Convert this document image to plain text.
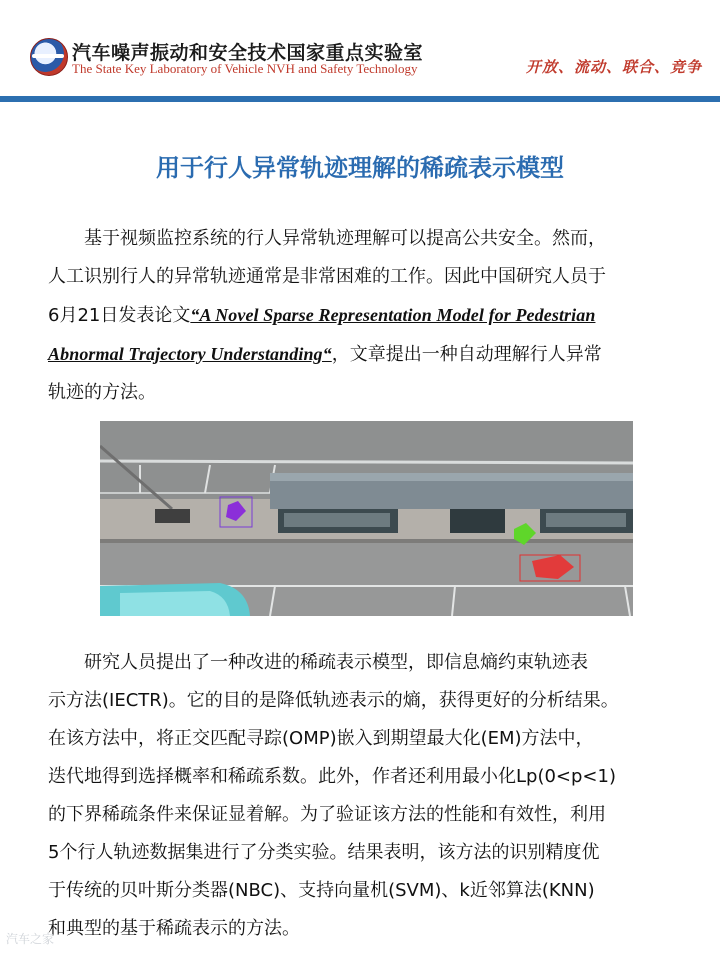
汽车噪声振动和安全技术国家重点实验室
The State Key Laboratory of Vehicle NVH and Safety Technology	开放、流动、联合、竞争
用于行人异常轨迹理解的稀疏表示模型
基于视频监控系统的行人异常轨迹理解可以提高公共安全。然而，
人工识别行人的异常轨迹通常是非常困难的工作。因此中国研究人员于
6月21日发表论文“A Novel Sparse Representation Model for Pedestrian
Abnormal Trajectory Understanding“，文章提出一种自动理解行人异常
轨迹的方法。
研究人员提出了一种改进的稀疏表示模型，即信息熵约束轨迹表
示方法(IECTR)。它的目的是降低轨迹表示的熵，获得更好的分析结果。
在该方法中，将正交匹配寻踪(OMP)嵌入到期望最大化(EM)方法中，
迭代地得到选择概率和稀疏系数。此外，作者还利用最小化Lp(0<p<1)
的下界稀疏条件来保证显着解。为了验证该方法的性能和有效性，利用
5个行人轨迹数据集进行了分类实验。结果表明，该方法的识别精度优
于传统的贝叶斯分类器(NBC)、支持向量机(SVM)、k近邻算法(KNN)
和典型的基于稀疏表示的方法。
汽车之家
